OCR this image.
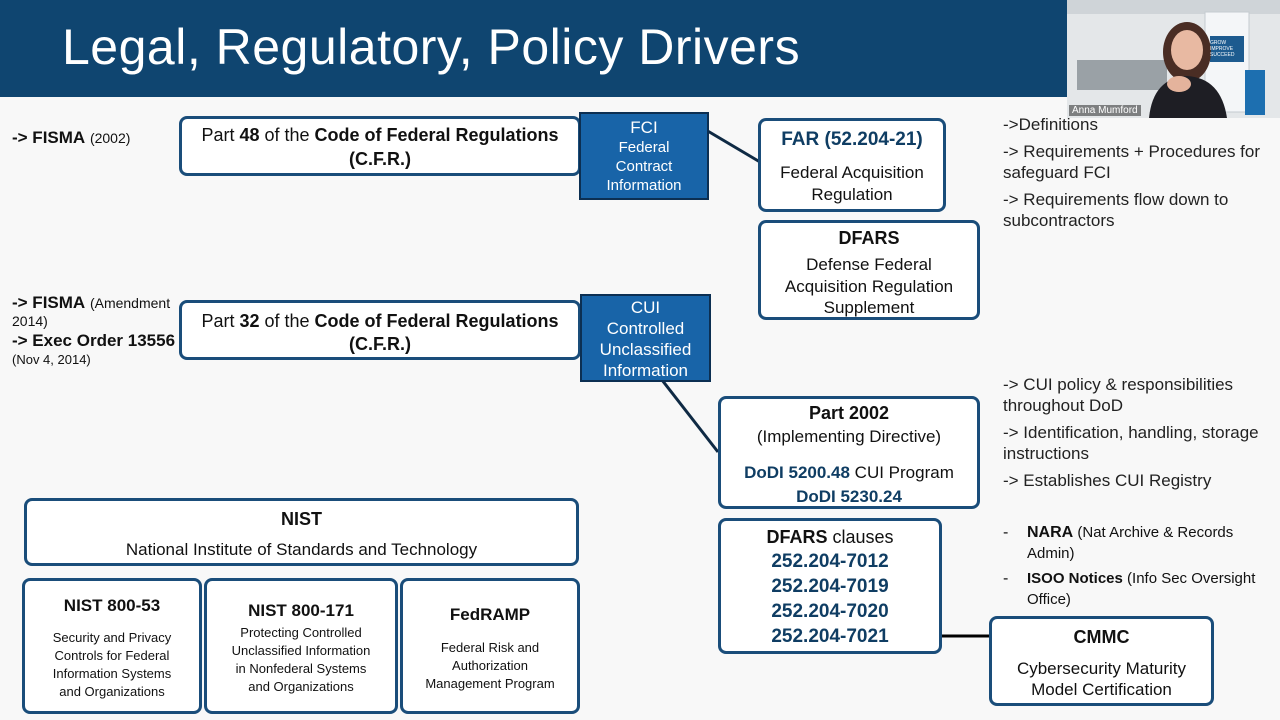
Legal, Regulatory, Policy Drivers	GROW IMPROVE SUCCEED
Anna Mumford
-> FISMA (2002)
-> FISMA (Amendment
2014)
-> Exec Order 13556
(Nov 4, 2014)
Part 48 of the Code of Federal Regulations
(C.F.R.)
FCI
Federal
Contract
Information
FAR (52.204-21)
Federal Acquisition
Regulation
DFARS
Defense Federal
Acquisition Regulation
Supplement
->Definitions
-> Requirements + Procedures for
safeguard FCI
-> Requirements flow down to
subcontractors
Part 32 of the Code of Federal Regulations
(C.F.R.)
CUI
Controlled
Unclassified
Information
Part 2002
(Implementing Directive)
DoDI 5200.48 CUI Program
DoDI 5230.24
-> CUI policy & responsibilities
throughout DoD
-> Identification, handling, storage
instructions
-> Establishes CUI Registry
DFARS clauses
252.204-7012
252.204-7019
252.204-7020
252.204-7021
- NARA (Nat Archive & Records
Admin)
- ISOO Notices (Info Sec Oversight
Office)
CMMC
Cybersecurity Maturity
Model Certification
NIST
National Institute of Standards and Technology
NIST 800-53
Security and Privacy
Controls for Federal
Information Systems
and Organizations
NIST 800-171
Protecting Controlled
Unclassified Information
in Nonfederal Systems
and Organizations
FedRAMP
Federal Risk and
Authorization
Management Program
